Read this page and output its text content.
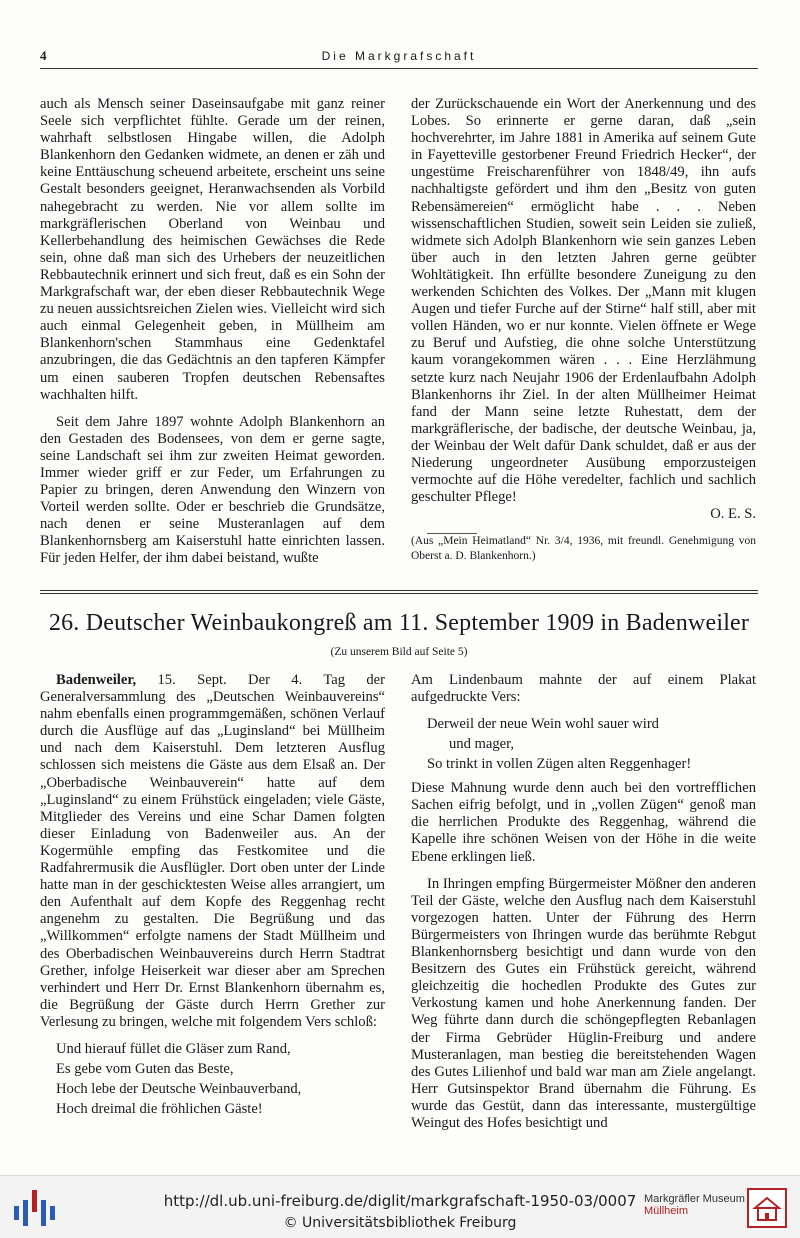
4	Die Markgrafschaft

auch als Mensch seiner Daseinsaufgabe mit ganz reiner Seele sich verpflichtet fühlte. Gerade um der reinen, wahrhaft selbstlosen Hingabe willen, die Adolph Blankenhorn den Gedanken widmete, an denen er zäh und keine Enttäuschung scheuend arbeitete, erscheint uns seine Gestalt besonders geeignet, Heranwachsenden als Vorbild nahegebracht zu werden. Nie vor allem sollte im markgräflerischen Oberland von Weinbau und Kellerbehandlung des heimischen Gewächses die Rede sein, ohne daß man sich des Urhebers der neuzeitlichen Rebbautechnik erinnert und sich freut, daß es ein Sohn der Markgrafschaft war, der eben dieser Rebbautechnik Wege zu neuen aussichtsreichen Zielen wies. Vielleicht wird sich auch einmal Gelegenheit geben, in Müllheim am Blankenhorn'schen Stammhaus eine Gedenktafel anzubringen, die das Gedächtnis an den tapferen Kämpfer um einen sauberen Tropfen deutschen Rebensaftes wachhalten hilft.

Seit dem Jahre 1897 wohnte Adolph Blankenhorn an den Gestaden des Bodensees, von dem er gerne sagte, seine Landschaft sei ihm zur zweiten Heimat geworden. Immer wieder griff er zur Feder, um Erfahrungen zu Papier zu bringen, deren Anwendung den Winzern von Vorteil werden sollte. Oder er beschrieb die Grundsätze, nach denen er seine Musteranlagen auf dem Blankenhornsberg am Kaiserstuhl hatte einrichten lassen. Für jeden Helfer, der ihm dabei beistand, wußte

der Zurückschauende ein Wort der Anerkennung und des Lobes. So erinnerte er gerne daran, daß „sein hochverehrter, im Jahre 1881 in Amerika auf seinem Gute in Fayetteville gestorbener Freund Friedrich Hecker“, der ungestüme Freischarenführer von 1848/49, ihn aufs nachhaltigste gefördert und ihm den „Besitz von guten Rebensämereien“ ermöglicht habe . . . Neben wissenschaftlichen Studien, soweit sein Leiden sie zuließ, widmete sich Adolph Blankenhorn wie sein ganzes Leben über auch in den letzten Jahren gerne geübter Wohltätigkeit. Ihn erfüllte besondere Zuneigung zu den werkenden Schichten des Volkes. Der „Mann mit klugen Augen und tiefer Furche auf der Stirne“ half still, aber mit vollen Händen, wo er nur konnte. Vielen öffnete er Wege zu Beruf und Aufstieg, die ohne solche Unterstützung kaum vorangekommen wären . . . Eine Herzlähmung setzte kurz nach Neujahr 1906 der Erdenlaufbahn Adolph Blankenhorns ihr Ziel. In der alten Müllheimer Heimat fand der Mann seine letzte Ruhestatt, dem der markgräflerische, der badische, der deutsche Weinbau, ja, der Weinbau der Welt dafür Dank schuldet, daß er aus der Niederung ungeordneter Ausübung emporzusteigen vermochte auf die Höhe veredelter, fachlich und sachlich geschulter Pflege!

O. E. S.

(Aus „Mein Heimatland“ Nr. 3/4, 1936, mit freundl. Genehmigung von Oberst a. D. Blankenhorn.)

26. Deutscher Weinbaukongreß am 11. September 1909 in Badenweiler
(Zu unserem Bild auf Seite 5)

Badenweiler, 15. Sept. Der 4. Tag der Generalversammlung des „Deutschen Weinbauvereins“ nahm ebenfalls einen programmgemäßen, schönen Verlauf durch die Ausflüge auf das „Luginsland“ bei Müllheim und nach dem Kaiserstuhl. Dem letzteren Ausflug schlossen sich meistens die Gäste aus dem Elsaß an. Der „Oberbadische Weinbauverein“ hatte auf dem „Luginsland“ zu einem Frühstück eingeladen; viele Gäste, Mitglieder des Vereins und eine Schar Damen folgten dieser Einladung von Badenweiler aus. An der Kogermühle empfing das Festkomitee und die Radfahrermusik die Ausflügler. Dort oben unter der Linde hatte man in der geschicktesten Weise alles arrangiert, um den Aufenthalt auf dem Kopfe des Reggenhag recht angenehm zu gestalten. Die Begrüßung und das „Willkommen“ erfolgte namens der Stadt Müllheim und des Oberbadischen Weinbauvereins durch Herrn Stadtrat Grether, infolge Heiserkeit war dieser aber am Sprechen verhindert und Herr Dr. Ernst Blankenhorn übernahm es, die Begrüßung der Gäste durch Herrn Grether zur Verlesung zu bringen, welche mit folgendem Vers schloß:

Und hierauf füllet die Gläser zum Rand,
Es gebe vom Guten das Beste,
Hoch lebe der Deutsche Weinbauverband,
Hoch dreimal die fröhlichen Gäste!

Am Lindenbaum mahnte der auf einem Plakat aufgedruckte Vers:

Derweil der neue Wein wohl sauer wird
und mager,
So trinkt in vollen Zügen alten Reggenhager!

Diese Mahnung wurde denn auch bei den vortrefflichen Sachen eifrig befolgt, und in „vollen Zügen“ genoß man die herrlichen Produkte des Reggenhag, während die Kapelle ihre schönen Weisen von der Höhe in die weite Ebene erklingen ließ.

In Ihringen empfing Bürgermeister Mößner den anderen Teil der Gäste, welche den Ausflug nach dem Kaiserstuhl vorgezogen hatten. Unter der Führung des Herrn Bürgermeisters von Ihringen wurde das berühmte Rebgut Blankenhornsberg besichtigt und dann wurde von den Besitzern des Gutes ein Frühstück gereicht, während gleichzeitig die hochedlen Produkte des Gutes zur Verkostung kamen und hohe Anerkennung fanden. Der Weg führte dann durch die schöngepflegten Rebanlagen der Firma Gebrüder Hüglin-Freiburg und andere Musteranlagen, man bestieg die bereitstehenden Wagen des Gutes Lilienhof und bald war man am Ziele angelangt. Herr Gutsinspektor Brand übernahm die Führung. Es wurde das Gestüt, dann das interessante, mustergültige Weingut des Hofes besichtigt und

http://dl.ub.uni-freiburg.de/diglit/markgrafschaft-1950-03/0007
© Universitätsbibliothek Freiburg
Markgräfler Museum
Müllheim
